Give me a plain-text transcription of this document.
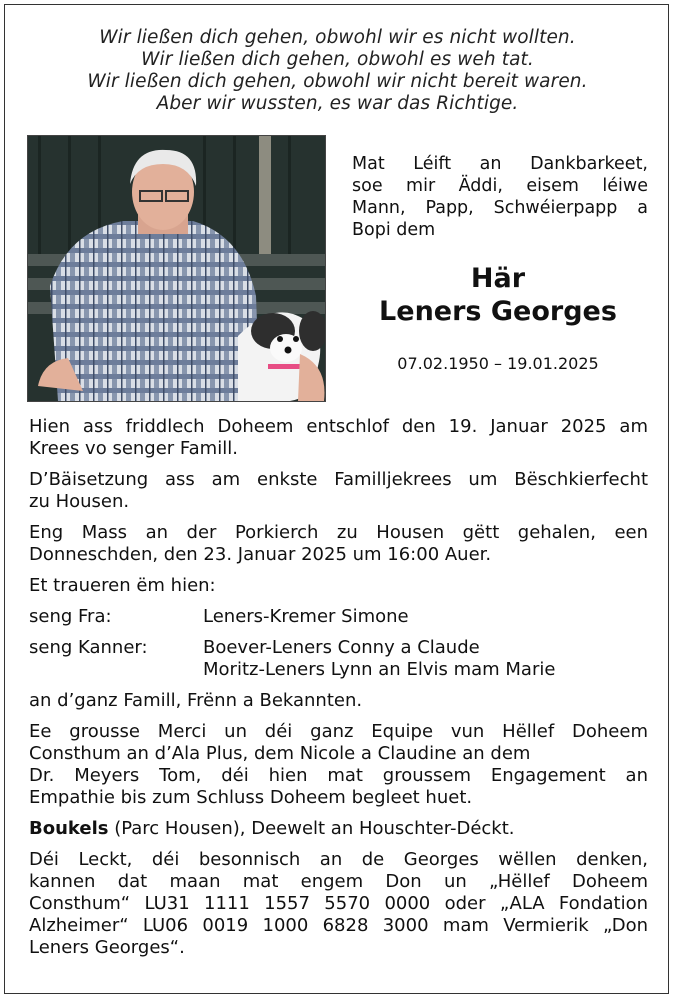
Wir ließen dich gehen, obwohl wir es nicht wollten.
Wir ließen dich gehen, obwohl es weh tat.
Wir ließen dich gehen, obwohl wir nicht bereit waren.
Aber wir wussten, es war das Richtige.
Mat Léift an Dankbarkeet,
soe mir Äddi, eisem léiwe
Mann, Papp, Schwéierpapp a
Bopi dem
Här
Leners Georges
07.02.1950 – 19.01.2025
Hien ass friddlech Doheem entschlof den 19. Januar 2025 am
Krees vo senger Famill.
D’Bäisetzung ass am enkste Familljekrees um Bëschkierfecht
zu Housen.
Eng Mass an der Porkierch zu Housen gëtt gehalen, een
Donneschden, den 23. Januar 2025 um 16:00 Auer.
Et traueren ëm hien:
seng Fra:	Leners-Kremer Simone
seng Kanner:	Boever-Leners Conny a Claude
Moritz-Leners Lynn an Elvis mam Marie
an d’ganz Famill, Frënn a Bekannten.
Ee grousse Merci un déi ganz Equipe vun Hëllef Doheem
Consthum an d’Ala Plus, dem Nicole a Claudine an dem
Dr. Meyers Tom, déi hien mat groussem Engagement an
Empathie bis zum Schluss Doheem begleet huet.
Boukels (Parc Housen), Deewelt an Houschter-Déckt.
Déi Leckt, déi besonnisch an de Georges wëllen denken,
kannen dat maan mat engem Don un „Hëllef Doheem
Consthum“ LU31 1111 1557 5570 0000 oder „ALA Fondation
Alzheimer“ LU06 0019 1000 6828 3000 mam Vermierik „Don
Leners Georges“.
